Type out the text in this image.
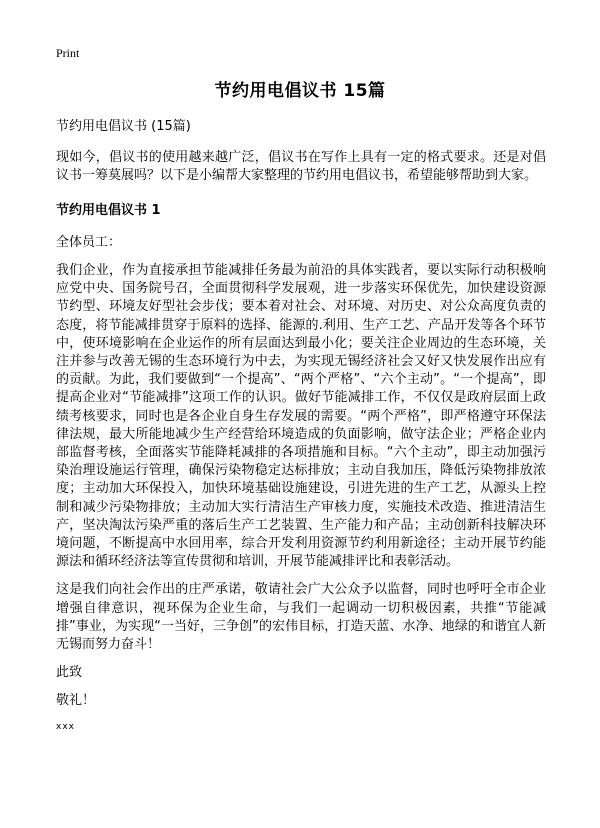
Print
节约用电倡议书 15篇

节约用电倡议书 (15篇)

现如今，倡议书的使用越来越广泛，倡议书在写作上具有一定的格式要求。还是对倡议书一筹莫展吗？以下是小编帮大家整理的节约用电倡议书，希望能够帮助到大家。

节约用电倡议书 1

全体员工：

我们企业，作为直接承担节能减排任务最为前沿的具体实践者，要以实际行动积极响应党中央、国务院号召，全面贯彻科学发展观，进一步落实环保优先，加快建设资源节约型、环境友好型社会步伐；要本着对社会、对环境、对历史、对公众高度负责的态度，将节能减排贯穿于原料的选择、能源的.利用、生产工艺、产品开发等各个环节中，使环境影响在企业运作的所有层面达到最小化；要关注企业周边的生态环境，关注并参与改善无锡的生态环境行为中去，为实现无锡经济社会又好又快发展作出应有的贡献。为此，我们要做到“一个提高”、“两个严格”、“六个主动”。“一个提高”，即提高企业对“节能减排”这项工作的认识。做好节能减排工作，不仅仅是政府层面上政绩考核要求，同时也是各企业自身生存发展的需要。“两个严格”，即严格遵守环保法律法规，最大所能地减少生产经营给环境造成的负面影响，做守法企业；严格企业内部监督考核，全面落实节能降耗减排的各项措施和目标。“六个主动”，即主动加强污染治理设施运行管理，确保污染物稳定达标排放；主动自我加压，降低污染物排放浓度；主动加大环保投入，加快环境基础设施建设，引进先进的生产工艺，从源头上控制和减少污染物排放；主动加大实行清洁生产审核力度，实施技术改造、推进清洁生产，坚决淘汰污染严重的落后生产工艺装置、生产能力和产品；主动创新科技解决环境问题，不断提高中水回用率，综合开发利用资源节约利用新途径；主动开展节约能源法和循环经济法等宣传贯彻和培训，开展节能减排评比和表彰活动。

这是我们向社会作出的庄严承诺，敬请社会广大公众予以监督，同时也呼吁全市企业增强自律意识，视环保为企业生命，与我们一起调动一切积极因素，共推“节能减排”事业，为实现“一当好，三争创”的宏伟目标，打造天蓝、水净、地绿的和谐宜人新无锡而努力奋斗！

此致

敬礼！

xxx
